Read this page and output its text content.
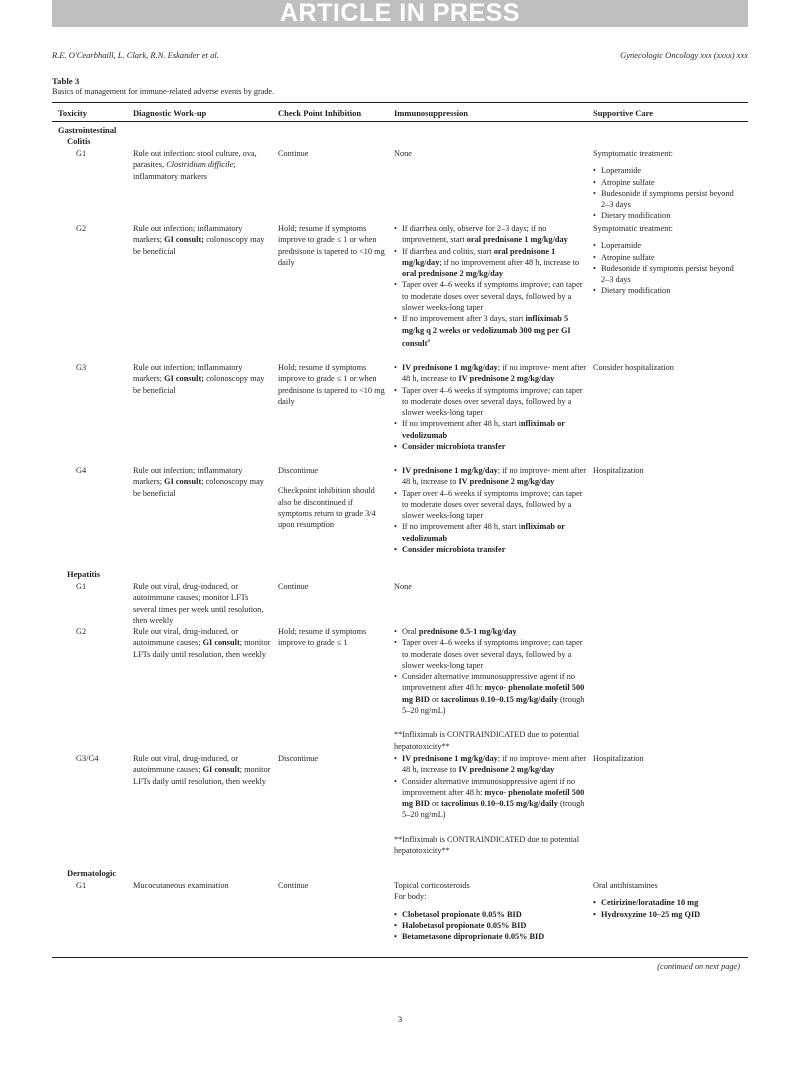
ARTICLE IN PRESS
R.E. O'Cearbhaill, L. Clark, R.N. Eskander et al.	Gynecologic Oncology xxx (xxxx) xxx
Table 3
Basics of management for immune-related adverse events by grade.
Toxicity	Diagnostic Work-up	Check Point Inhibition	Immunosuppression	Supportive Care
Gastrointestinal
Colitis
G1	Rule out infection: stool culture, ova, parasites, Clostridium difficile; inflammatory markers
Continue	None	Symptomatic treatment:

• Loperamide
• Atropine sulfate
• Budesonide if symptoms persist beyond 2–3 days
• Dietary modification
G2	Rule out infection; inflammatory markers; GI consult; colonoscopy may be beneficial
Hold; resume if symptoms improve to grade ≤ 1 or when prednisone is tapered to <10 mg daily
• If diarrhea only, observe for 2–3 days; if no improvement, start oral prednisone 1 mg/kg/day
• If diarrhea and colitis, start oral prednisone 1 mg/kg/day; if no improvement after 48 h, increase to oral prednisone 2 mg/kg/day
• Taper over 4–6 weeks if symptoms improve; can taper to moderate doses over several days, followed by a slower weeks-long taper
• If no improvement after 3 days, start infliximab 5 mg/kg q 2 weeks or vedolizumab 300 mg per GI consult$^a$

Symptomatic treatment:

• Loperamide
• Atropine sulfate
• Budesonide if symptoms persist beyond 2–3 days
• Dietary modification
G3	Rule out infection; inflammatory markers; GI consult; colonoscopy may be beneficial
Hold; resume if symptoms improve to grade ≤ 1 or when prednisone is tapered to <10 mg daily
• IV prednisone 1 mg/kg/day; if no improve- ment after 48 h, increase to IV prednisone 2 mg/kg/day
• Taper over 4–6 weeks if symptoms improve; can taper to moderate doses over several days, followed by a slower weeks-long taper
• If no improvement after 48 h, start infliximab or vedolizumab
• Consider microbiota transfer
Consider hospitalization
G4	Rule out infection; inflammatory markers; GI consult; colonoscopy may be beneficial

Discontinue

Checkpoint inhibition should also be discontinued if symptoms return to grade 3/4 upon resumption

• IV prednisone 1 mg/kg/day; if no improve- ment after 48 h, increase to IV prednisone 2 mg/kg/day
• Taper over 4–6 weeks if symptoms improve; can taper to moderate doses over several days, followed by a slower weeks-long taper
• If no improvement after 48 h, start infliximab or vedolizumab
• Consider microbiota transfer
Hospitalization
Hepatitis
G1	Rule out viral, drug-induced, or autoimmune causes; monitor LFTs several times per week until resolution, then weekly
Continue	None
G2	Rule out viral, drug-induced, or autoimmune causes; GI consult; monitor LFTs daily until resolution, then weekly
Hold; resume if symptoms improve to grade ≤ 1
• Oral prednisone 0.5-1 mg/kg/day
• Taper over 4–6 weeks if symptoms improve; can taper to moderate doses over several days, followed by a slower weeks-long taper
• Consider alternative immunosuppressive agent if no improvement after 48 h: myco- phenolate mofetil 500 mg BID or tacrolimus 0.10–0.15 mg/kg/daily (trough 5–20 ng/mL)

**Infliximab is CONTRAINDICATED due to potential hepatotoxicity**

G3/G4	Rule out viral, drug-induced, or autoimmune causes; GI consult; monitor LFTs daily until resolution, then weekly
Discontinue
•	IV prednisone 1 mg/kg/day; if no improve- ment after 48 h, increase to IV prednisone 2 mg/kg/day
• Consider alternative immunosuppressive agent if no improvement after 48 h: myco- phenolate mofetil 500 mg BID or tacrolimus 0.10–0.15 mg/kg/daily (trough 5–20 ng/mL)

**Infliximab is CONTRAINDICATED due to potential hepatotoxicity**

Hospitalization
Dermatologic
G1	Mucocutaneous examination	Continue	Topical corticosteroids

For body:

• Clobetasol propionate 0.05% BID
• Halobetasol propionate 0.05% BID
• Betametasone diproprionate 0.05% BID

Oral antihistamines

• Cetirizine/loratadine 10 mg
• Hydroxyzine 10–25 mg QID
(continued on next page)
3
